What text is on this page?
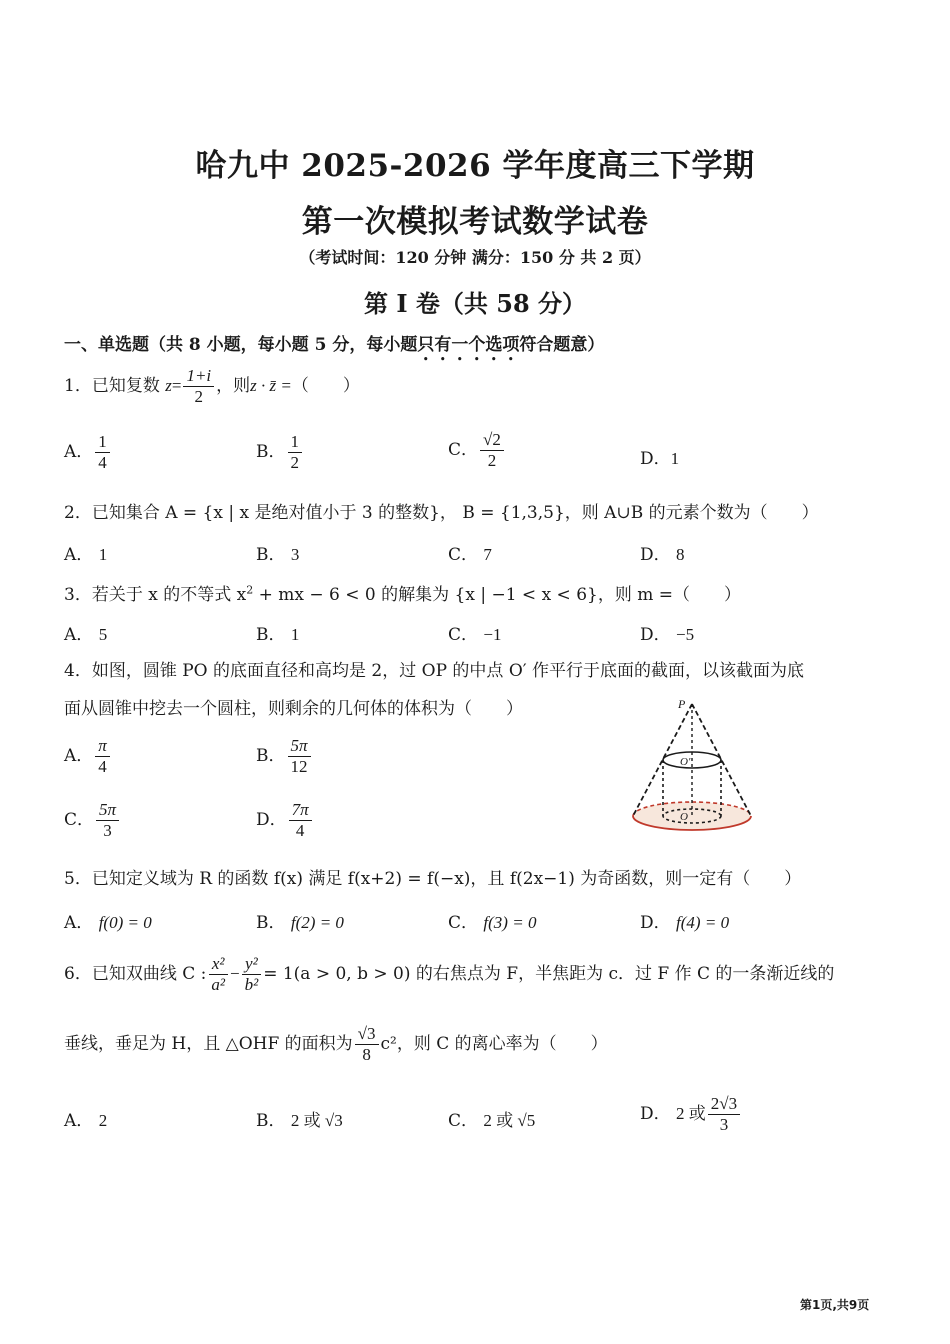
哈九中 2025-2026 学年度高三下学期
第一次模拟考试数学试卷
（考试时间：120 分钟 满分：150 分 共 2 页）
第 I 卷（共 58 分）
一、单选题（共 8 小题，每小题 5 分，每小题只有一个选项符合题意）
1．已知复数 $z= \frac{1+i}{2}$ ，则z · z̄ =（　　）
A． $\frac{1}{4}$	B． $\frac{1}{2}$	C． $\frac{√2}{2}$	D．1
2．已知集合 A = {x | x 是绝对值小于 3 的整数}， B = {1,3,5}，则 A∪B 的元素个数为（　　）
A． 1	B． 3	C． 7	D． 8
3．若关于 x 的不等式 $x^2$ + mx − 6 < 0 的解集为 {x | −1 < x < 6}，则 m =（　　）
A． 5	B． 1	C． −1	D． −5
4．如图，圆锥 PO 的底面直径和高均是 2，过 OP 的中点 O′ 作平行于底面的截面，以该截面为底
面从圆锥中挖去一个圆柱，则剩余的几何体的体积为（　　）
A． $\frac{\pi}{4}$	B． $\frac{5\pi}{12}$
C． $\frac{5\pi}{3}$	D． $\frac{7\pi}{4}$
P
O′
O
5．已知定义域为 R 的函数 f(x) 满足 f(x+2) = f(−x)，且 f(2x−1) 为奇函数，则一定有（　　）
A． f(0) = 0	B． f(2) = 0	C． f(3) = 0	D． f(4) = 0
6．已知双曲线 C : $\frac{\text{x²}}{\text{a²}} - \frac{\text{y²}}{\text{b²}} = 1(a > 0$, b > 0) 的右焦点为 F，半焦距为 c．过 F 作 C 的一条渐近线的
垂线，垂足为 H，且 △OHF 的面积为 $\frac{√3}{8} c^2$，则 C 的离心率为（　　）
A． 2	B． 2 或 √3	C． 2 或 √5	D． 2 或 $\frac{2√3}{3}$
第1页,共9页
